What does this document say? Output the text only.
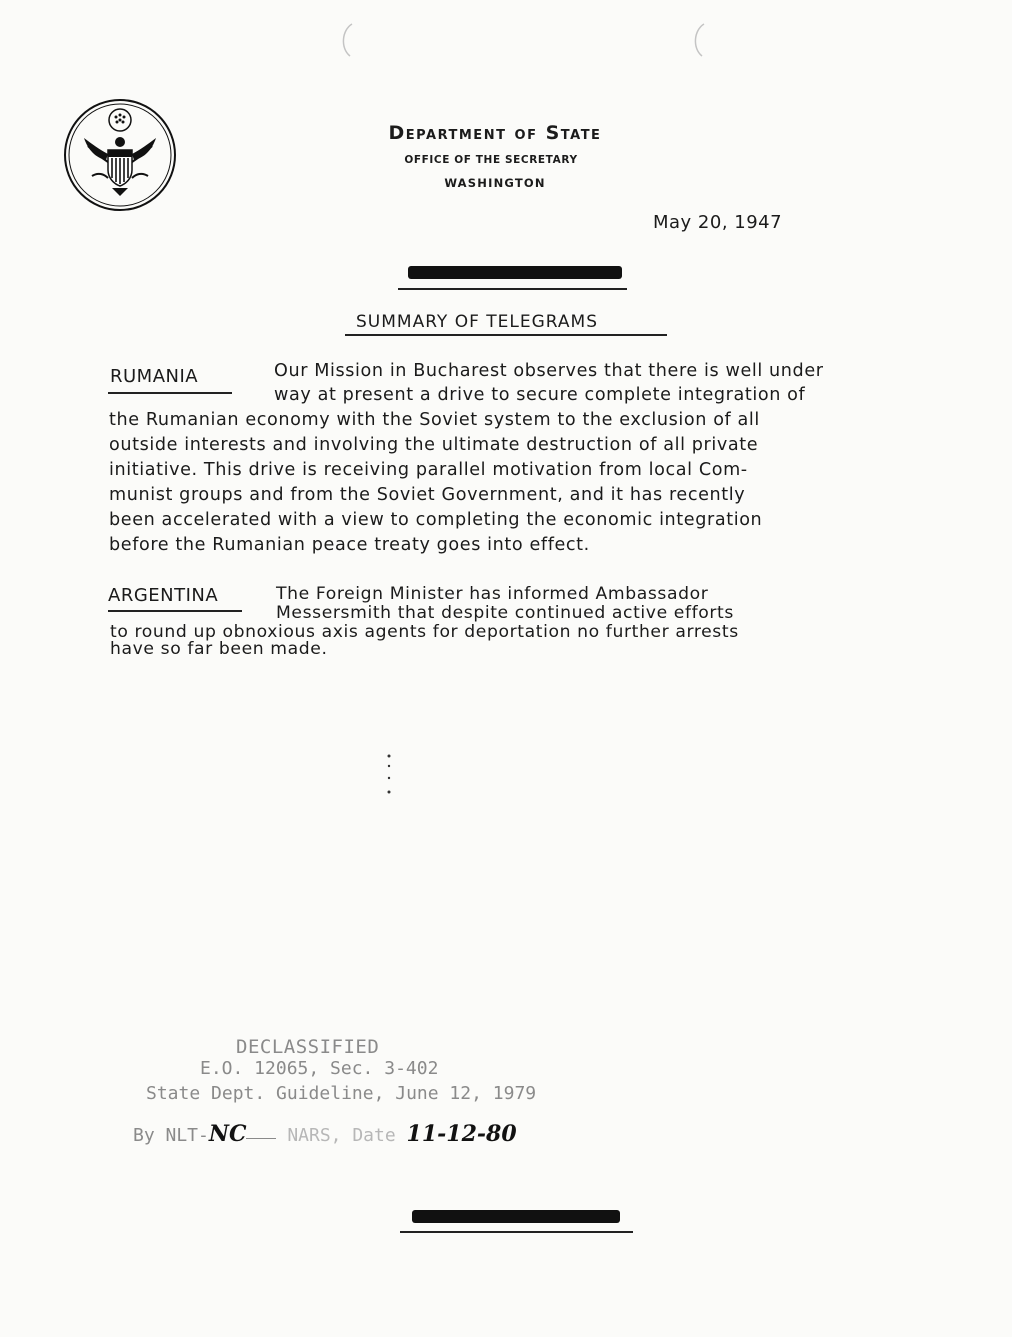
Department of State
OFFICE OF THE SECRETARY
WASHINGTON
May 20, 1947
SUMMARY OF TELEGRAMS
RUMANIA	Our Mission in Bucharest observes that there is well under
way at present a drive to secure complete integration of
the Rumanian economy with the Soviet system to the exclusion of all
outside interests and involving the ultimate destruction of all private
initiative. This drive is receiving parallel motivation from local Com-
munist groups and from the Soviet Government, and it has recently
been accelerated with a view to completing the economic integration
before the Rumanian peace treaty goes into effect.
ARGENTINA	The Foreign Minister has informed Ambassador
Messersmith that despite continued active efforts
to round up obnoxious axis agents for deportation no further arrests
have so far been made.
DECLASSIFIED
E.O. 12065, Sec. 3-402
State Dept. Guideline, June 12, 1979
By NLT-NC NARS, Date 11-12-80
